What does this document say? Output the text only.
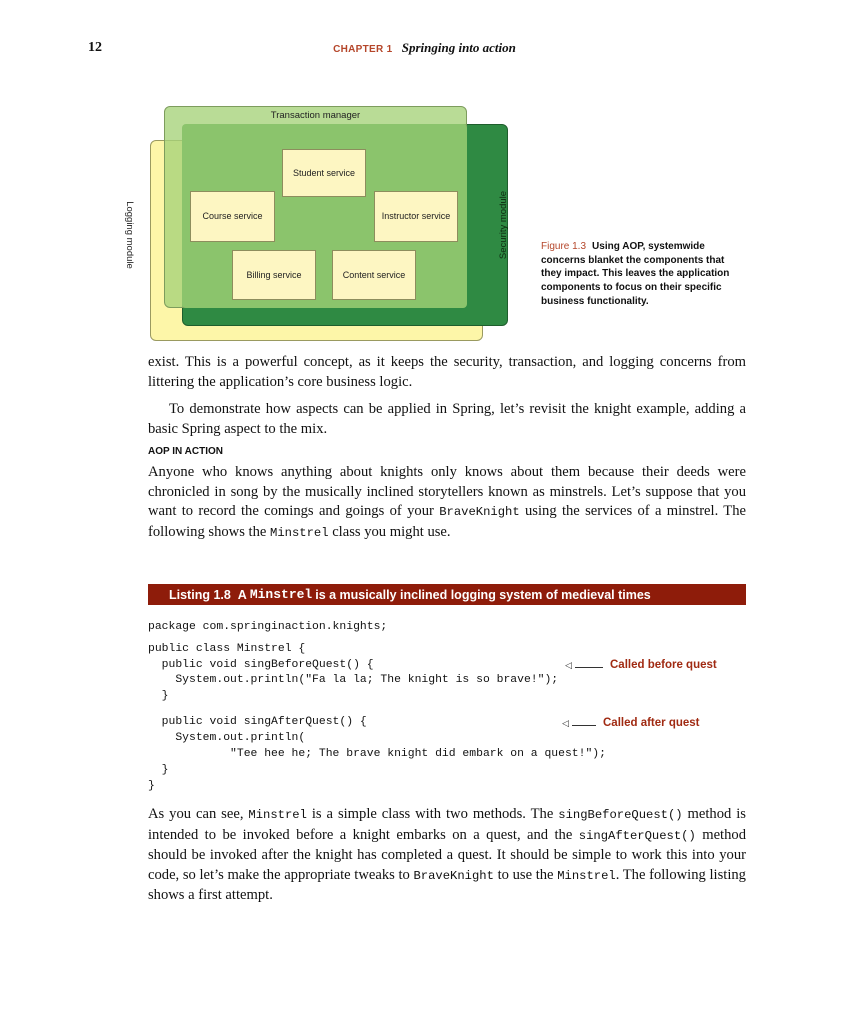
12	CHAPTER 1 Springing into action
Transaction manager
Logging module	Security module
Student service
Course service	Instructor service
Billing service	Content service
Figure 1.3 Using AOP, systemwide concerns blanket the components that they impact. This leaves the application components to focus on their specific business functionality.
exist. This is a powerful concept, as it keeps the security, transaction, and logging concerns from littering the application’s core business logic.
To demonstrate how aspects can be applied in Spring, let’s revisit the knight example, adding a basic Spring aspect to the mix.
AOP IN ACTION
Anyone who knows anything about knights only knows about them because their deeds were chronicled in song by the musically inclined storytellers known as minstrels. Let’s suppose that you want to record the comings and goings of your BraveKnight using the services of a minstrel. The following shows the Minstrel class you might use.
Listing 1.8
A Minstrel is a musically inclined logging system of medieval times
package com.springinaction.knights;
public class Minstrel {
public void singBeforeQuest() {
System.out.println("Fa la la; The knight is so brave!");
}
public void singAfterQuest() {
System.out.println(
"Tee hee he; The brave knight did embark on a quest!");
}
}
◁	Called before quest
◁	Called after quest
As you can see, Minstrel is a simple class with two methods. The singBeforeQuest() method is intended to be invoked before a knight embarks on a quest, and the singAfterQuest() method should be invoked after the knight has completed a quest. It should be simple to work this into your code, so let’s make the appropriate tweaks to BraveKnight to use the Minstrel. The following listing shows a first attempt.
